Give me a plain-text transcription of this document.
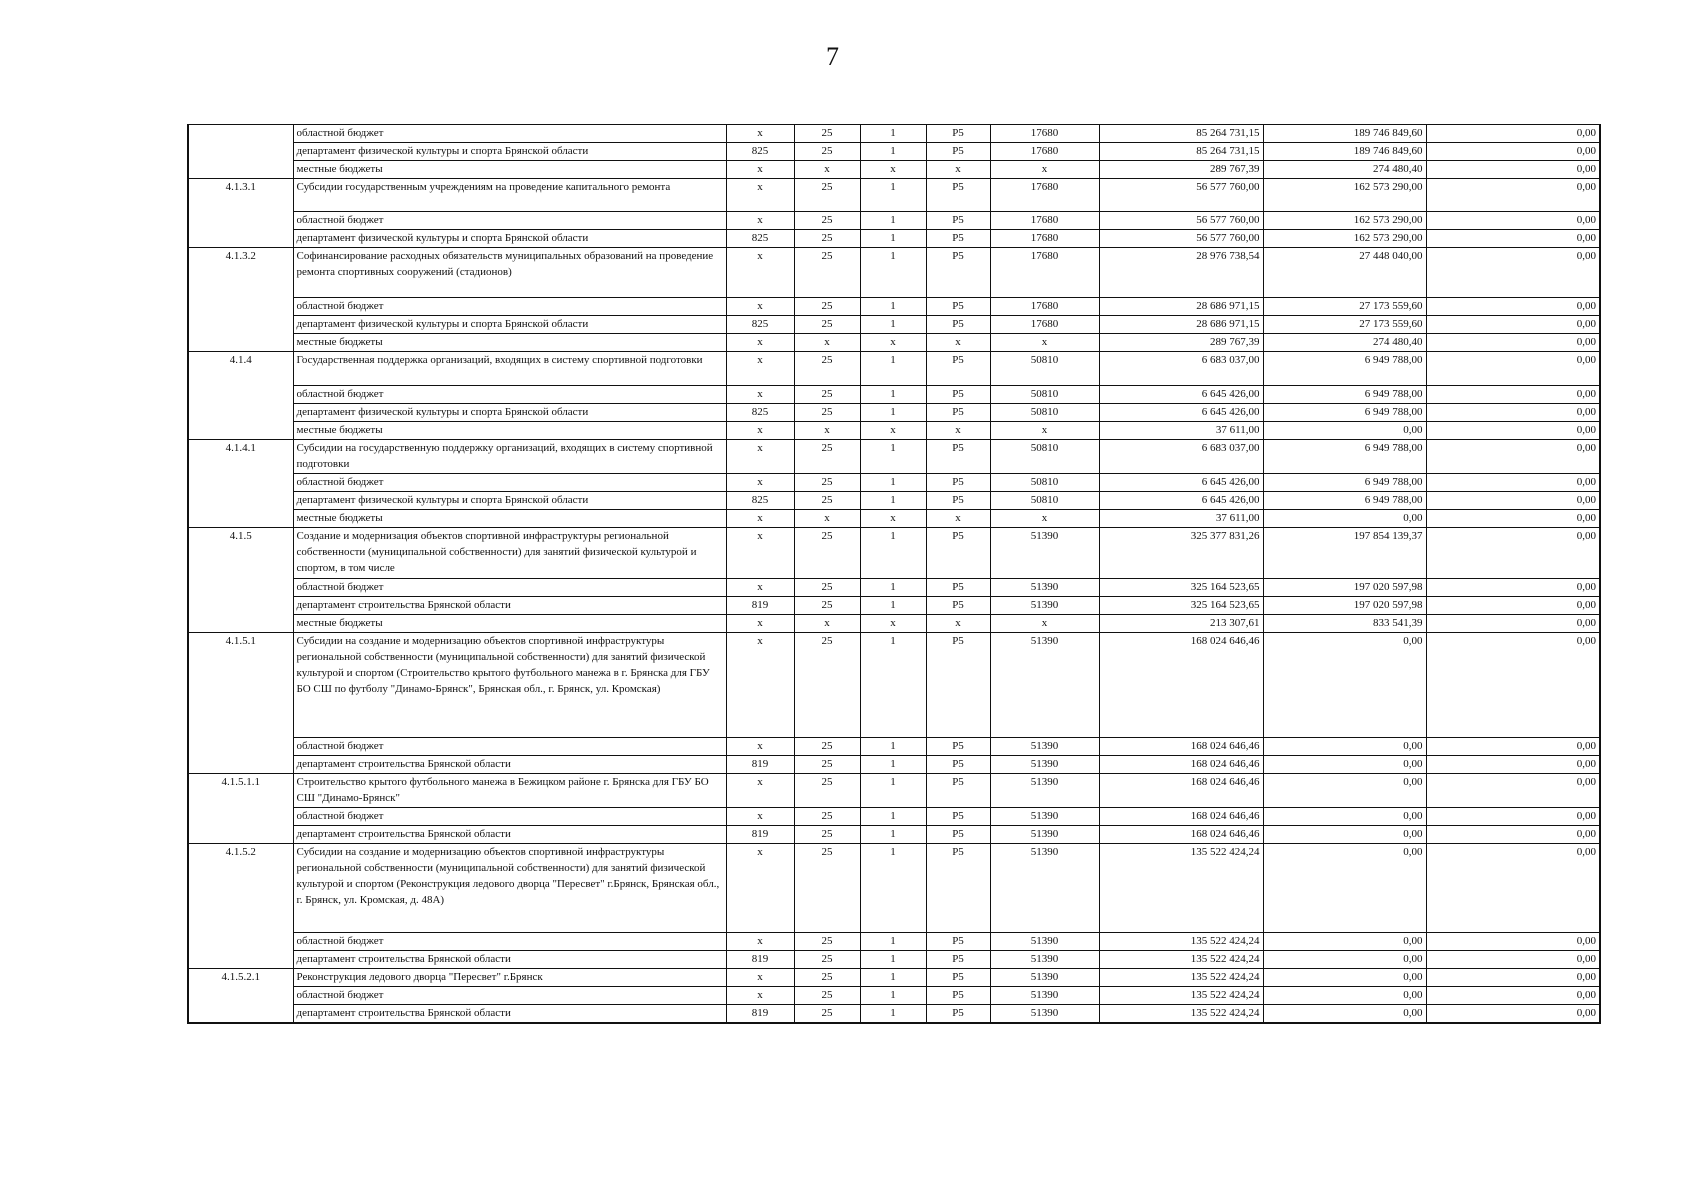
7
	областной бюджет	х	25	1	Р5	17680	85 264 731,15	189 746 849,60	0,00
	департамент физической культуры и спорта Брянской области	825	25	1	Р5	17680	85 264 731,15	189 746 849,60	0,00
	местные бюджеты	х	х	х	х	х	289 767,39	274 480,40	0,00
4.1.3.1	Субсидии государственным учреждениям на проведение капитального ремонта	х	25	1	Р5	17680	56 577 760,00	162 573 290,00	0,00
	областной бюджет	х	25	1	Р5	17680	56 577 760,00	162 573 290,00	0,00
	департамент физической культуры и спорта Брянской области	825	25	1	Р5	17680	56 577 760,00	162 573 290,00	0,00
4.1.3.2	Софинансирование расходных обязательств муниципальных образований на проведение ремонта спортивных сооружений (стадионов)	х	25	1	Р5	17680	28 976 738,54	27 448 040,00	0,00
	областной бюджет	х	25	1	Р5	17680	28 686 971,15	27 173 559,60	0,00
	департамент физической культуры и спорта Брянской области	825	25	1	Р5	17680	28 686 971,15	27 173 559,60	0,00
	местные бюджеты	х	х	х	х	х	289 767,39	274 480,40	0,00
4.1.4	Государственная поддержка организаций, входящих в систему спортивной подготовки	х	25	1	Р5	50810	6 683 037,00	6 949 788,00	0,00
	областной бюджет	х	25	1	Р5	50810	6 645 426,00	6 949 788,00	0,00
	департамент физической культуры и спорта Брянской области	825	25	1	Р5	50810	6 645 426,00	6 949 788,00	0,00
	местные бюджеты	х	х	х	х	х	37 611,00	0,00	0,00
4.1.4.1	Субсидии на государственную поддержку организаций, входящих в систему спортивной подготовки	х	25	1	Р5	50810	6 683 037,00	6 949 788,00	0,00
	областной бюджет	х	25	1	Р5	50810	6 645 426,00	6 949 788,00	0,00
	департамент физической культуры и спорта Брянской области	825	25	1	Р5	50810	6 645 426,00	6 949 788,00	0,00
	местные бюджеты	х	х	х	х	х	37 611,00	0,00	0,00
4.1.5	Создание и модернизация объектов спортивной инфраструктуры региональной собственности (муниципальной собственности) для занятий физической культурой и спортом, в том числе	х	25	1	Р5	51390	325 377 831,26	197 854 139,37	0,00
	областной бюджет	х	25	1	Р5	51390	325 164 523,65	197 020 597,98	0,00
	департамент строительства Брянской области	819	25	1	Р5	51390	325 164 523,65	197 020 597,98	0,00
	местные бюджеты	х	х	х	х	х	213 307,61	833 541,39	0,00
4.1.5.1	Субсидии на создание и модернизацию объектов спортивной инфраструктуры региональной собственности (муниципальной собственности) для занятий физической культурой и спортом (Строительство крытого футбольного манежа в г. Брянска для ГБУ БО СШ по футболу "Динамо-Брянск", Брянская обл., г. Брянск, ул. Кромская)	х	25	1	Р5	51390	168 024 646,46	0,00	0,00
	областной бюджет	х	25	1	Р5	51390	168 024 646,46	0,00	0,00
	департамент строительства Брянской области	819	25	1	Р5	51390	168 024 646,46	0,00	0,00
4.1.5.1.1	Строительство крытого футбольного манежа в Бежицком районе г. Брянска для ГБУ БО СШ "Динамо-Брянск"	х	25	1	Р5	51390	168 024 646,46	0,00	0,00
	областной бюджет	х	25	1	Р5	51390	168 024 646,46	0,00	0,00
	департамент строительства Брянской области	819	25	1	Р5	51390	168 024 646,46	0,00	0,00
4.1.5.2	Субсидии на создание и модернизацию объектов спортивной инфраструктуры региональной собственности (муниципальной собственности) для занятий физической культурой и спортом (Реконструкция ледового дворца "Пересвет" г.Брянск, Брянская обл., г. Брянск, ул. Кромская, д. 48А)	х	25	1	Р5	51390	135 522 424,24	0,00	0,00
	областной бюджет	х	25	1	Р5	51390	135 522 424,24	0,00	0,00
	департамент строительства Брянской области	819	25	1	Р5	51390	135 522 424,24	0,00	0,00
4.1.5.2.1	Реконструкция ледового дворца "Пересвет" г.Брянск	х	25	1	Р5	51390	135 522 424,24	0,00	0,00
	областной бюджет	х	25	1	Р5	51390	135 522 424,24	0,00	0,00
	департамент строительства Брянской области	819	25	1	Р5	51390	135 522 424,24	0,00	0,00
